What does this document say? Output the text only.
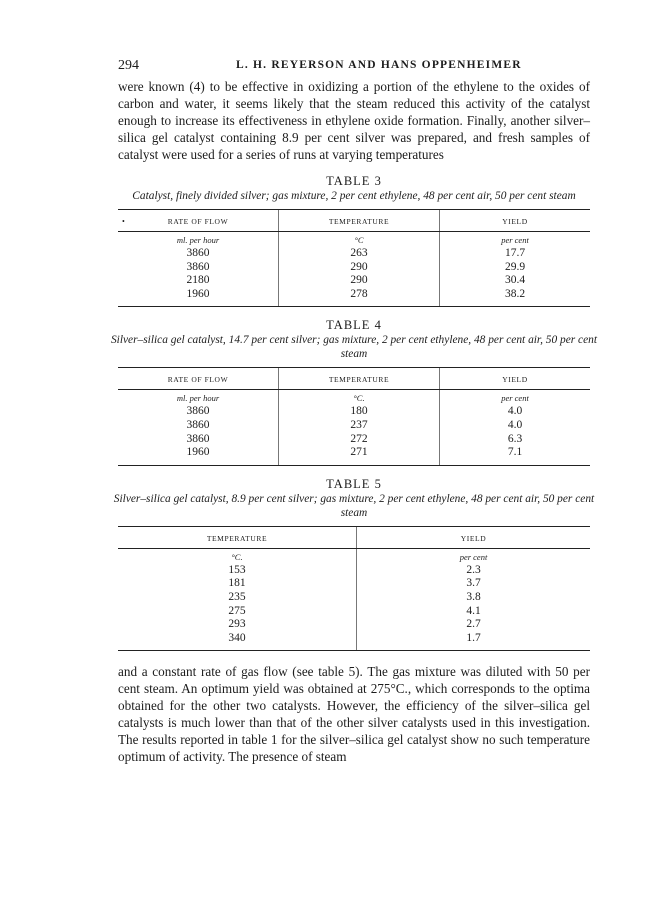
294	L. H. REYERSON AND HANS OPPENHEIMER

were known (4) to be effective in oxidizing a portion of the ethylene to the oxides of carbon and water, it seems likely that the steam reduced this activity of the catalyst enough to increase its effectiveness in ethylene oxide formation. Finally, another silver–silica gel catalyst containing 8.9 per cent silver was prepared, and fresh samples of catalyst were used for a series of runs at varying temperatures

TABLE 3
Catalyst, finely divided silver; gas mixture, 2 per cent ethylene, 48 per cent air, 50 per cent steam
• RATE OF FLOW	TEMPERATURE	YIELD
ml. per hour	°C	per cent
3860	263	17.7
3860	290	29.9
2180	290	30.4
1960	278	38.2
TABLE 4
Silver–silica gel catalyst, 14.7 per cent silver; gas mixture, 2 per cent ethylene, 48 per cent air, 50 per cent steam
RATE OF FLOW	TEMPERATURE	YIELD
ml. per hour	°C.	per cent
3860	180	4.0
3860	237	4.0
3860	272	6.3
1960	271	7.1
TABLE 5
Silver–silica gel catalyst, 8.9 per cent silver; gas mixture, 2 per cent ethylene, 48 per cent air, 50 per cent steam
TEMPERATURE	YIELD
°C.	per cent
153	2.3
181	3.7
235	3.8
275	4.1
293	2.7
340	1.7

and a constant rate of gas flow (see table 5). The gas mixture was diluted with 50 per cent steam. An optimum yield was obtained at 275°C., which corresponds to the optima obtained for the other two catalysts. However, the efficiency of the silver–silica gel catalysts is much lower than that of the other silver catalysts used in this investigation. The results reported in table 1 for the silver–silica gel catalyst show no such temperature optimum of activity. The presence of steam
